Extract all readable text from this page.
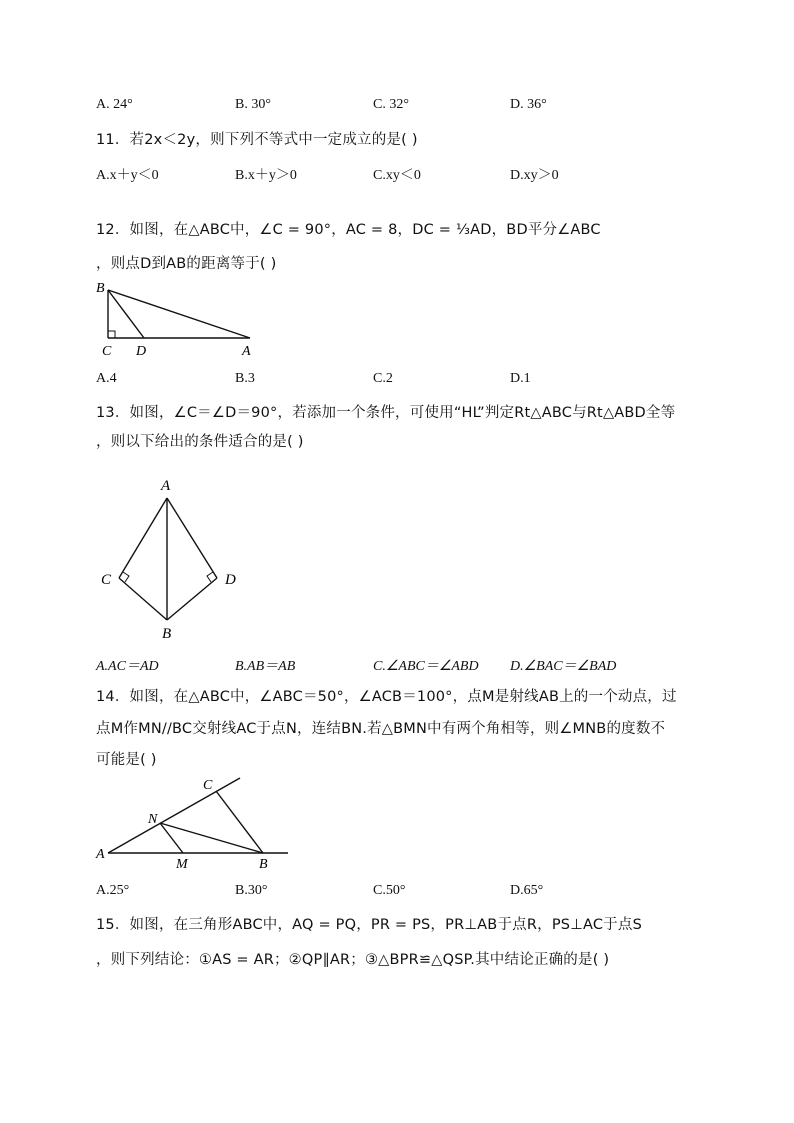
A. 24°	B. 30°	C. 32°	D. 36°
11．若2x＜2y，则下列不等式中一定成立的是( )
A.x＋y＜0	B.x＋y＞0	C.xy＜0	D.xy＞0
12．如图，在△ABC中，∠C = 90°，AC = 8，DC = ⅓AD，BD平分∠ABC
，则点D到AB的距离等于( )
B
C D	A
A.4	B.3	C.2	D.1
13．如图，∠C＝∠D＝90°，若添加一个条件，可使用“HL”判定Rt△ABC与Rt△ABD全等
，则以下给出的条件适合的是( )
A
C	D
B
A.AC＝AD	B.AB＝AB	C.∠ABC＝∠ABD D.∠BAC＝∠BAD
14．如图，在△ABC中，∠ABC＝50°，∠ACB＝100°，点M是射线AB上的一个动点，过
点M作MN//BC交射线AC于点N，连结BN.若△BMN中有两个角相等，则∠MNB的度数不
可能是( )
C
N
A
M	B
A.25°	B.30°	C.50°	D.65°
15．如图，在三角形ABC中，AQ = PQ，PR = PS，PR⊥AB于点R，PS⊥AC于点S
，则下列结论：①AS = AR；②QP∥AR；③△BPR≌△QSP.其中结论正确的是( )
